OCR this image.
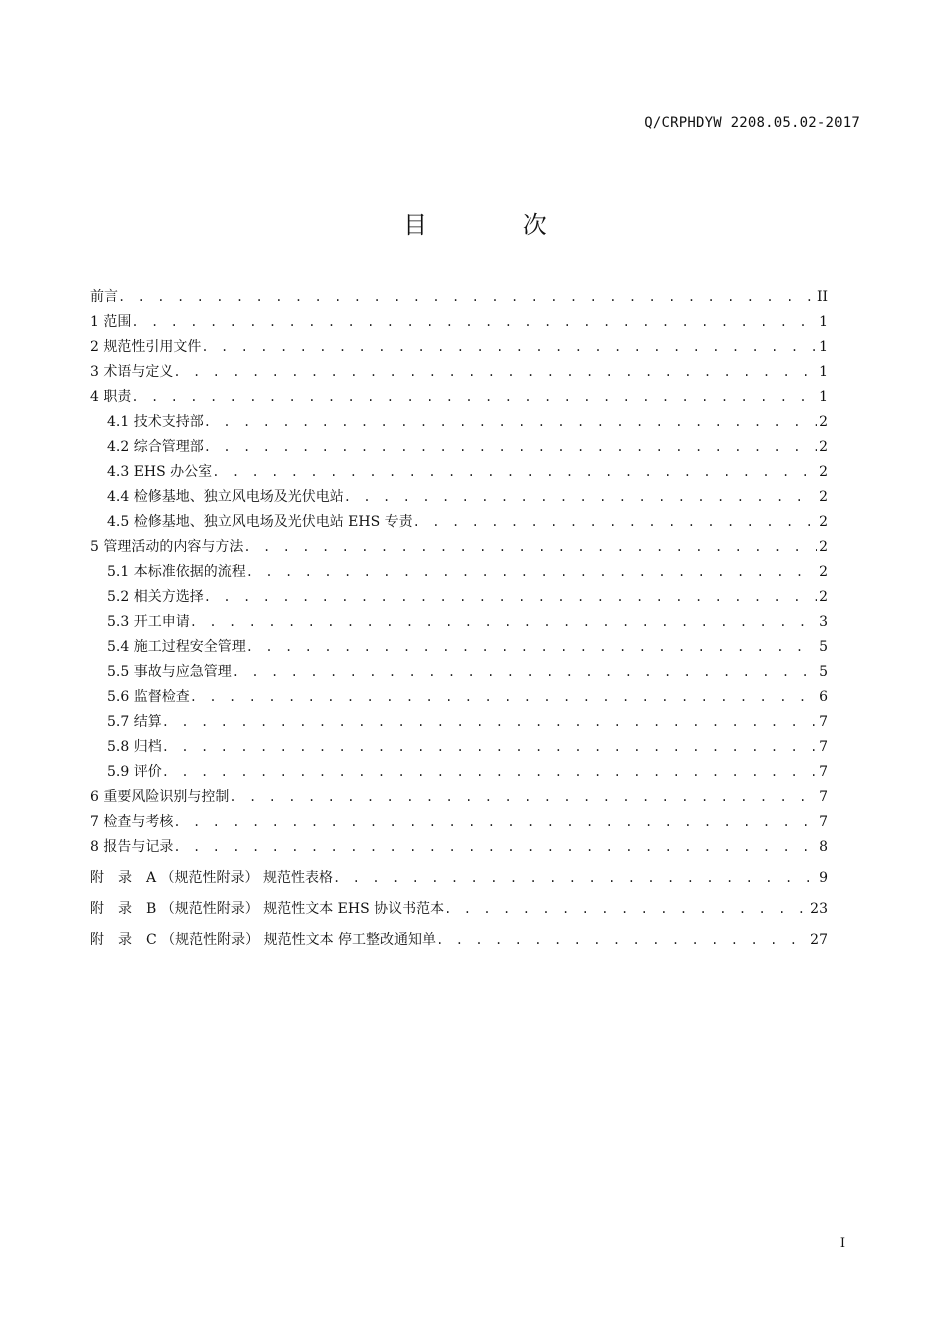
Q/CRPHDYW 2208.05.02-2017
目 次
前言 . . .	II
1 范围 . . .	1
2 规范性引用文件 . . .	1
3 术语与定义 . . .	1
4 职责 . . .	1
4.1 技术支持部 . . .	2
4.2 综合管理部 . . .	2
4.3 EHS 办公室 . . .	2
4.4 检修基地、独立风电场及光伏电站 . . .	2
4.5 检修基地、独立风电场及光伏电站 EHS 专责 . . .	2
5 管理活动的内容与方法 . . .	2
5.1 本标准依据的流程 . . .	2
5.2 相关方选择 . . .	2
5.3 开工申请 . . .	3
5.4 施工过程安全管理 . . .	5
5.5 事故与应急管理 . . .	5
5.6 监督检查 . . .	6
5.7 结算 . . .	7
5.8 归档 . . .	7
5.9 评价 . . .	7
6 重要风险识别与控制 . . .	7
7 检查与考核 . . .	7
8 报告与记录 . . .	8
附　录　A （规范性附录） 规范性表格 . . .	9
附　录　B （规范性附录） 规范性文本 EHS 协议书范本 . . .	23
附　录　C （规范性附录） 规范性文本 停工整改通知单 . . .	27
I
